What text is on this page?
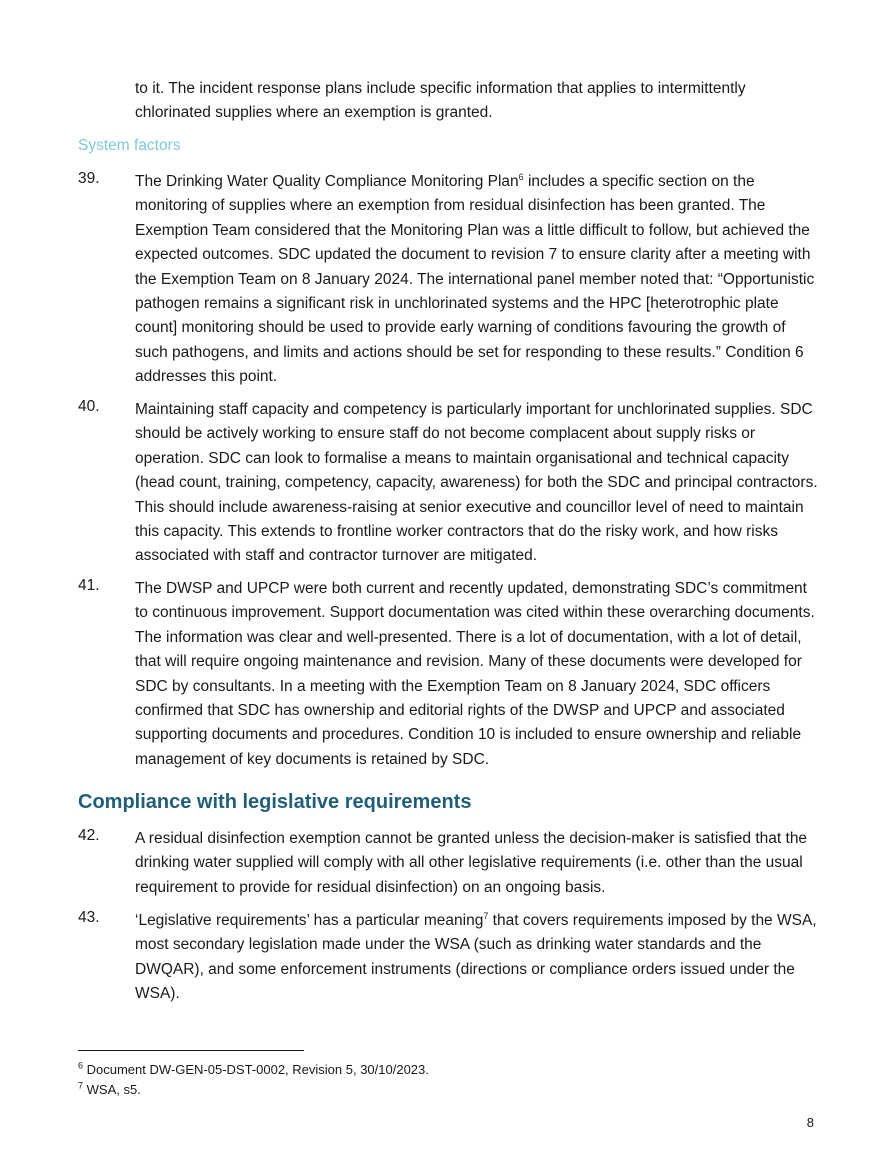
to it. The incident response plans include specific information that applies to intermittently chlorinated supplies where an exemption is granted.
System factors
39. The Drinking Water Quality Compliance Monitoring Plan$^6$ includes a specific section on the monitoring of supplies where an exemption from residual disinfection has been granted. The Exemption Team considered that the Monitoring Plan was a little difficult to follow, but achieved the expected outcomes. SDC updated the document to revision 7 to ensure clarity after a meeting with the Exemption Team on 8 January 2024. The international panel member noted that: “Opportunistic pathogen remains a significant risk in unchlorinated systems and the HPC [heterotrophic plate count] monitoring should be used to provide early warning of conditions favouring the growth of such pathogens, and limits and actions should be set for responding to these results.” Condition 6 addresses this point.
40. Maintaining staff capacity and competency is particularly important for unchlorinated supplies. SDC should be actively working to ensure staff do not become complacent about supply risks or operation. SDC can look to formalise a means to maintain organisational and technical capacity (head count, training, competency, capacity, awareness) for both the SDC and principal contractors. This should include awareness-raising at senior executive and councillor level of need to maintain this capacity. This extends to frontline worker contractors that do the risky work, and how risks associated with staff and contractor turnover are mitigated.
41. The DWSP and UPCP were both current and recently updated, demonstrating SDC’s commitment to continuous improvement. Support documentation was cited within these overarching documents. The information was clear and well-presented. There is a lot of documentation, with a lot of detail, that will require ongoing maintenance and revision. Many of these documents were developed for SDC by consultants. In a meeting with the Exemption Team on 8 January 2024, SDC officers confirmed that SDC has ownership and editorial rights of the DWSP and UPCP and associated supporting documents and procedures. Condition 10 is included to ensure ownership and reliable management of key documents is retained by SDC.
Compliance with legislative requirements
42. A residual disinfection exemption cannot be granted unless the decision-maker is satisfied that the drinking water supplied will comply with all other legislative requirements (i.e. other than the usual requirement to provide for residual disinfection) on an ongoing basis.
43. ‘Legislative requirements’ has a particular meaning$^7$ that covers requirements imposed by the WSA, most secondary legislation made under the WSA (such as drinking water standards and the DWQAR), and some enforcement instruments (directions or compliance orders issued under the WSA).
$^6$ Document DW-GEN-05-DST-0002, Revision 5, 30/10/2023.
$^7$ WSA, s5.
8
